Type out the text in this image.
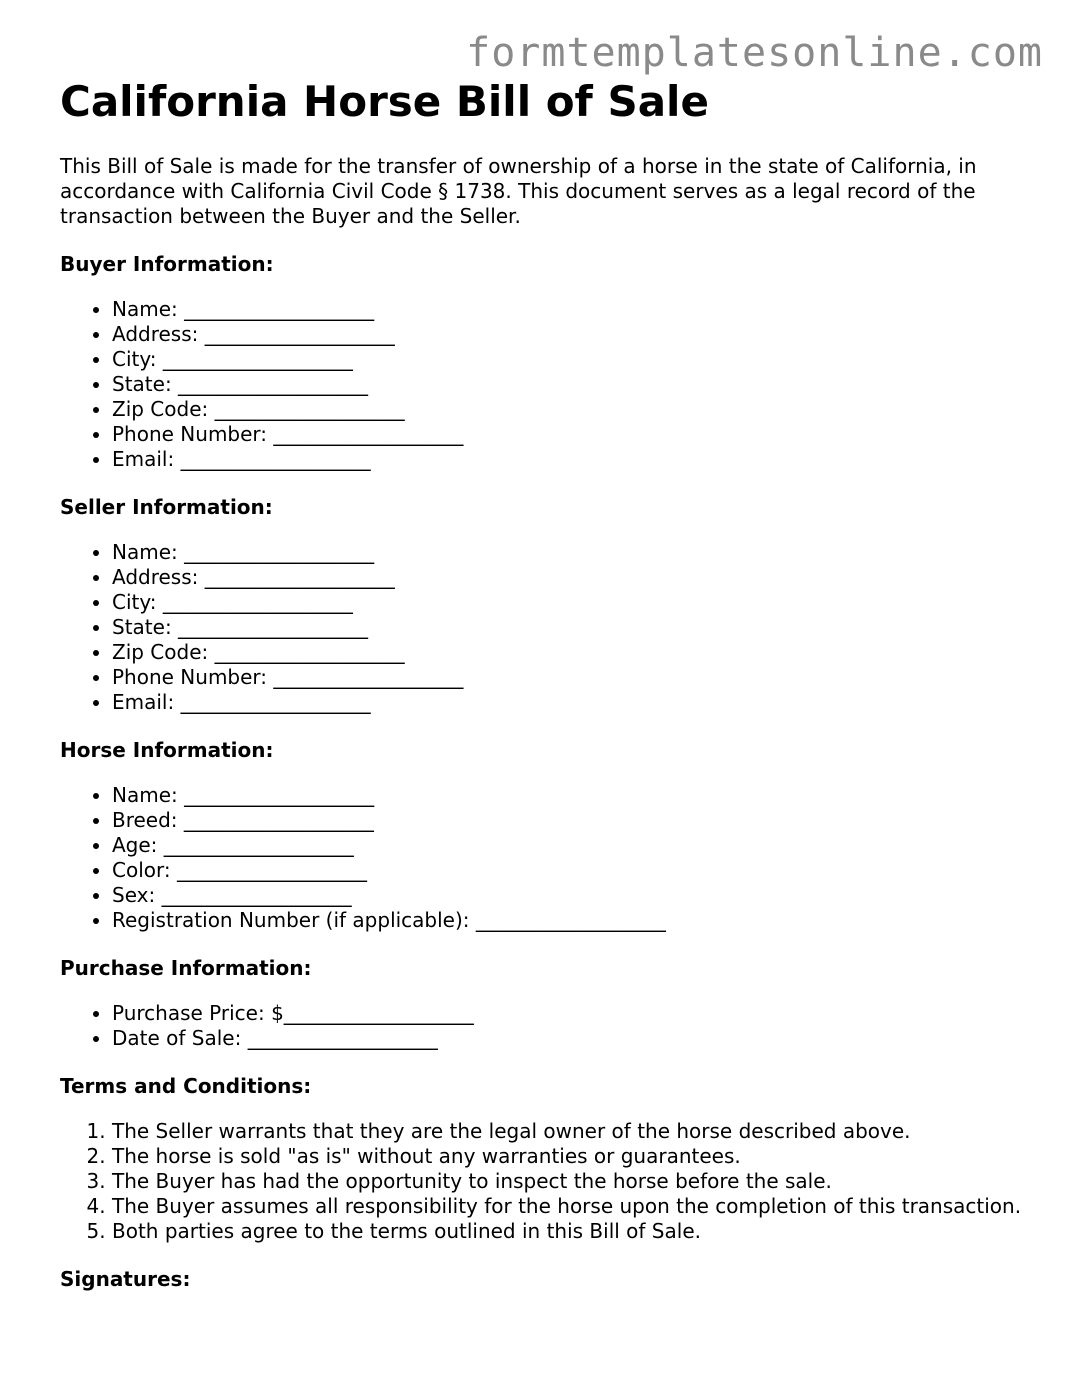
formtemplatesonline.com
California Horse Bill of Sale

This Bill of Sale is made for the transfer of ownership of a horse in the state of California, in accordance with California Civil Code § 1738. This document serves as a legal record of the transaction between the Buyer and the Seller.

Buyer Information:
• Name: ___________________
• Address: ___________________
• City: ___________________
• State: ___________________
• Zip Code: ___________________
• Phone Number: ___________________
• Email: ___________________
Seller Information:
• Name: ___________________
• Address: ___________________
• City: ___________________
• State: ___________________
• Zip Code: ___________________
• Phone Number: ___________________
• Email: ___________________
Horse Information:
• Name: ___________________
• Breed: ___________________
• Age: ___________________
• Color: ___________________
• Sex: ___________________
• Registration Number (if applicable): ___________________
Purchase Information:
• Purchase Price: $___________________
• Date of Sale: ___________________
Terms and Conditions:
1. The Seller warrants that they are the legal owner of the horse described above.
2. The horse is sold "as is" without any warranties or guarantees.
3. The Buyer has had the opportunity to inspect the horse before the sale.
4. The Buyer assumes all responsibility for the horse upon the completion of this transaction.
5. Both parties agree to the terms outlined in this Bill of Sale.
Signatures:
